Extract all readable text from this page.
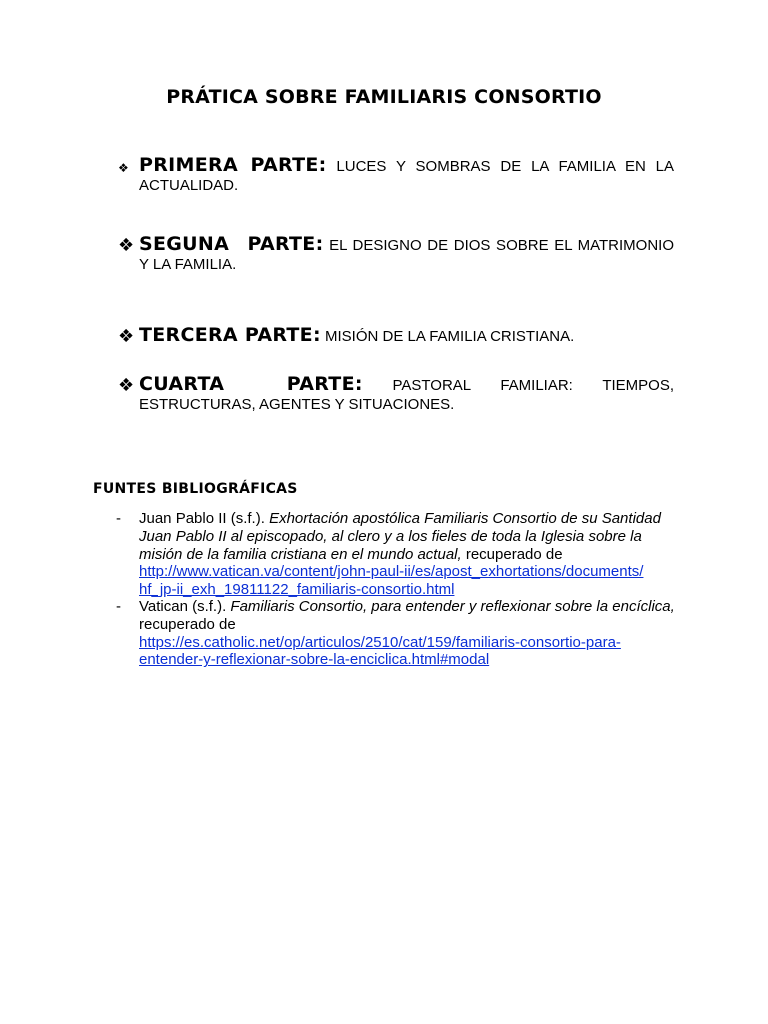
PRÁTICA SOBRE FAMILIARIS CONSORTIO
❖ PRIMERA PARTE: LUCES Y SOMBRAS DE LA FAMILIA EN LA ACTUALIDAD.
❖ SEGUNA PARTE: EL DESIGNO DE DIOS SOBRE EL MATRIMONIO Y LA FAMILIA.
❖ TERCERA PARTE: MISIÓN DE LA FAMILIA CRISTIANA.
❖ CUARTA PARTE: PASTORAL FAMILIAR: TIEMPOS, ESTRUCTURAS, AGENTES Y SITUACIONES.
FUNTES BIBLIOGRÁFICAS
- Juan Pablo II (s.f.). Exhortación apostólica Familiaris Consortio de su Santidad Juan Pablo II al episcopado, al clero y a los fieles de toda la Iglesia sobre la misión de la familia cristiana en el mundo actual, recuperado de
http://www.vatican.va/content/john-paul-ii/es/apost_exhortations/documents/
hf_jp-ii_exh_19811122_familiaris-consortio.html
- Vatican (s.f.). Familiaris Consortio, para entender y reflexionar sobre la encíclica, recuperado de
https://es.catholic.net/op/articulos/2510/cat/159/familiaris-consortio-para-
entender-y-reflexionar-sobre-la-enciclica.html#modal
